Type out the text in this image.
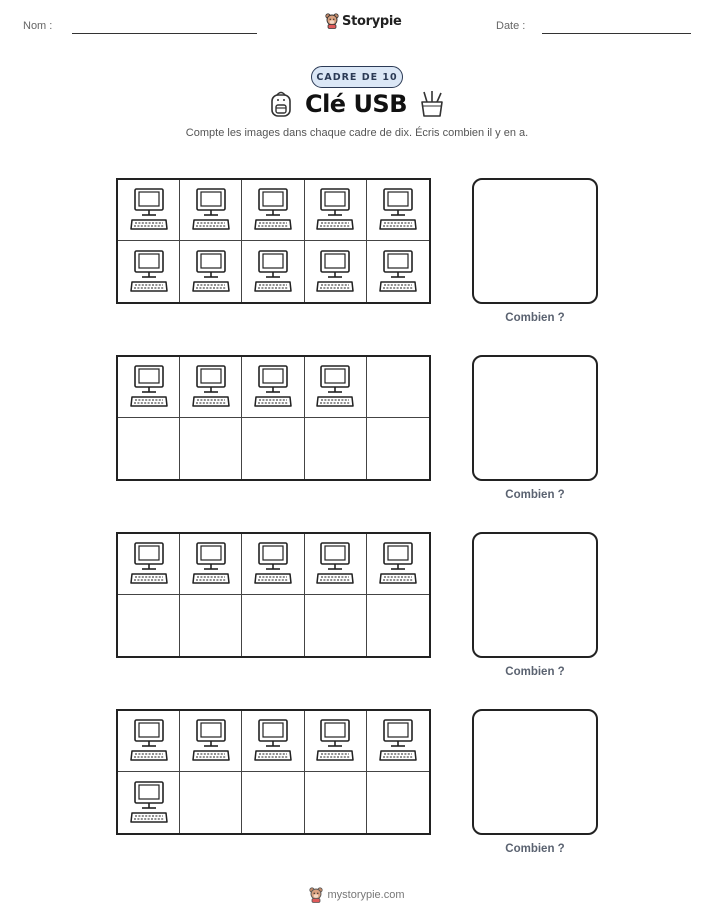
Nom :	Storypie	Date :
CADRE DE 10
Clé USB
Compte les images dans chaque cadre de dix. Écris combien il y en a.
Combien ?
Combien ?
Combien ?
Combien ?
mystorypie.com
